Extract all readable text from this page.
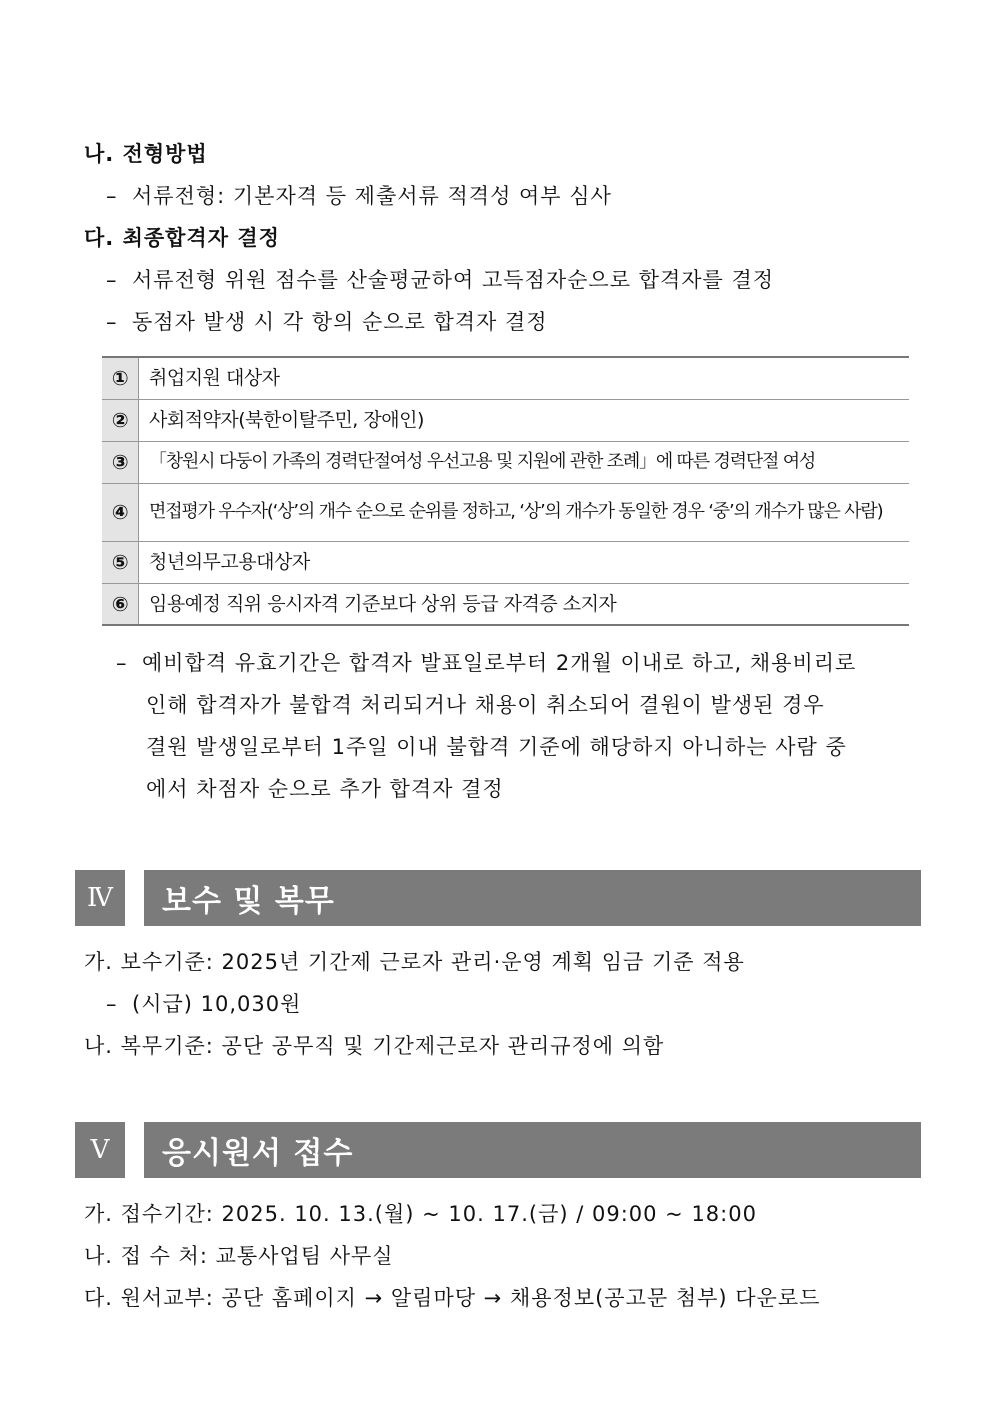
나. 전형방법
– 서류전형: 기본자격 등 제출서류 적격성 여부 심사
다. 최종합격자 결정
– 서류전형 위원 점수를 산술평균하여 고득점자순으로 합격자를 결정
– 동점자 발생 시 각 항의 순으로 합격자 결정
①	취업지원 대상자
②	사회적약자(북한이탈주민, 장애인)
③	「창원시 다둥이 가족의 경력단절여성 우선고용 및 지원에 관한 조례」에 따른 경력단절 여성
④	면접평가 우수자(‘상’의 개수 순으로 순위를 정하고, ‘상’의 개수가 동일한 경우 ‘중’의 개수가 많은 사람)
⑤	청년의무고용대상자
⑥	임용예정 직위 응시자격 기준보다 상위 등급 자격증 소지자
– 예비합격 유효기간은 합격자 발표일로부터 2개월 이내로 하고, 채용비리로
인해 합격자가 불합격 처리되거나 채용이 취소되어 결원이 발생된 경우
결원 발생일로부터 1주일 이내 불합격 기준에 해당하지 아니하는 사람 중
에서 차점자 순으로 추가 합격자 결정
Ⅳ	보수 및 복무
가. 보수기준: 2025년 기간제 근로자 관리·운영 계획 임금 기준 적용
– (시급) 10,030원
나. 복무기준: 공단 공무직 및 기간제근로자 관리규정에 의함
Ⅴ	응시원서 접수
가. 접수기간: 2025. 10. 13.(월) ~ 10. 17.(금) / 09:00 ~ 18:00
나. 접 수 처: 교통사업팀 사무실
다. 원서교부: 공단 홈페이지 → 알림마당 → 채용정보(공고문 첨부) 다운로드
